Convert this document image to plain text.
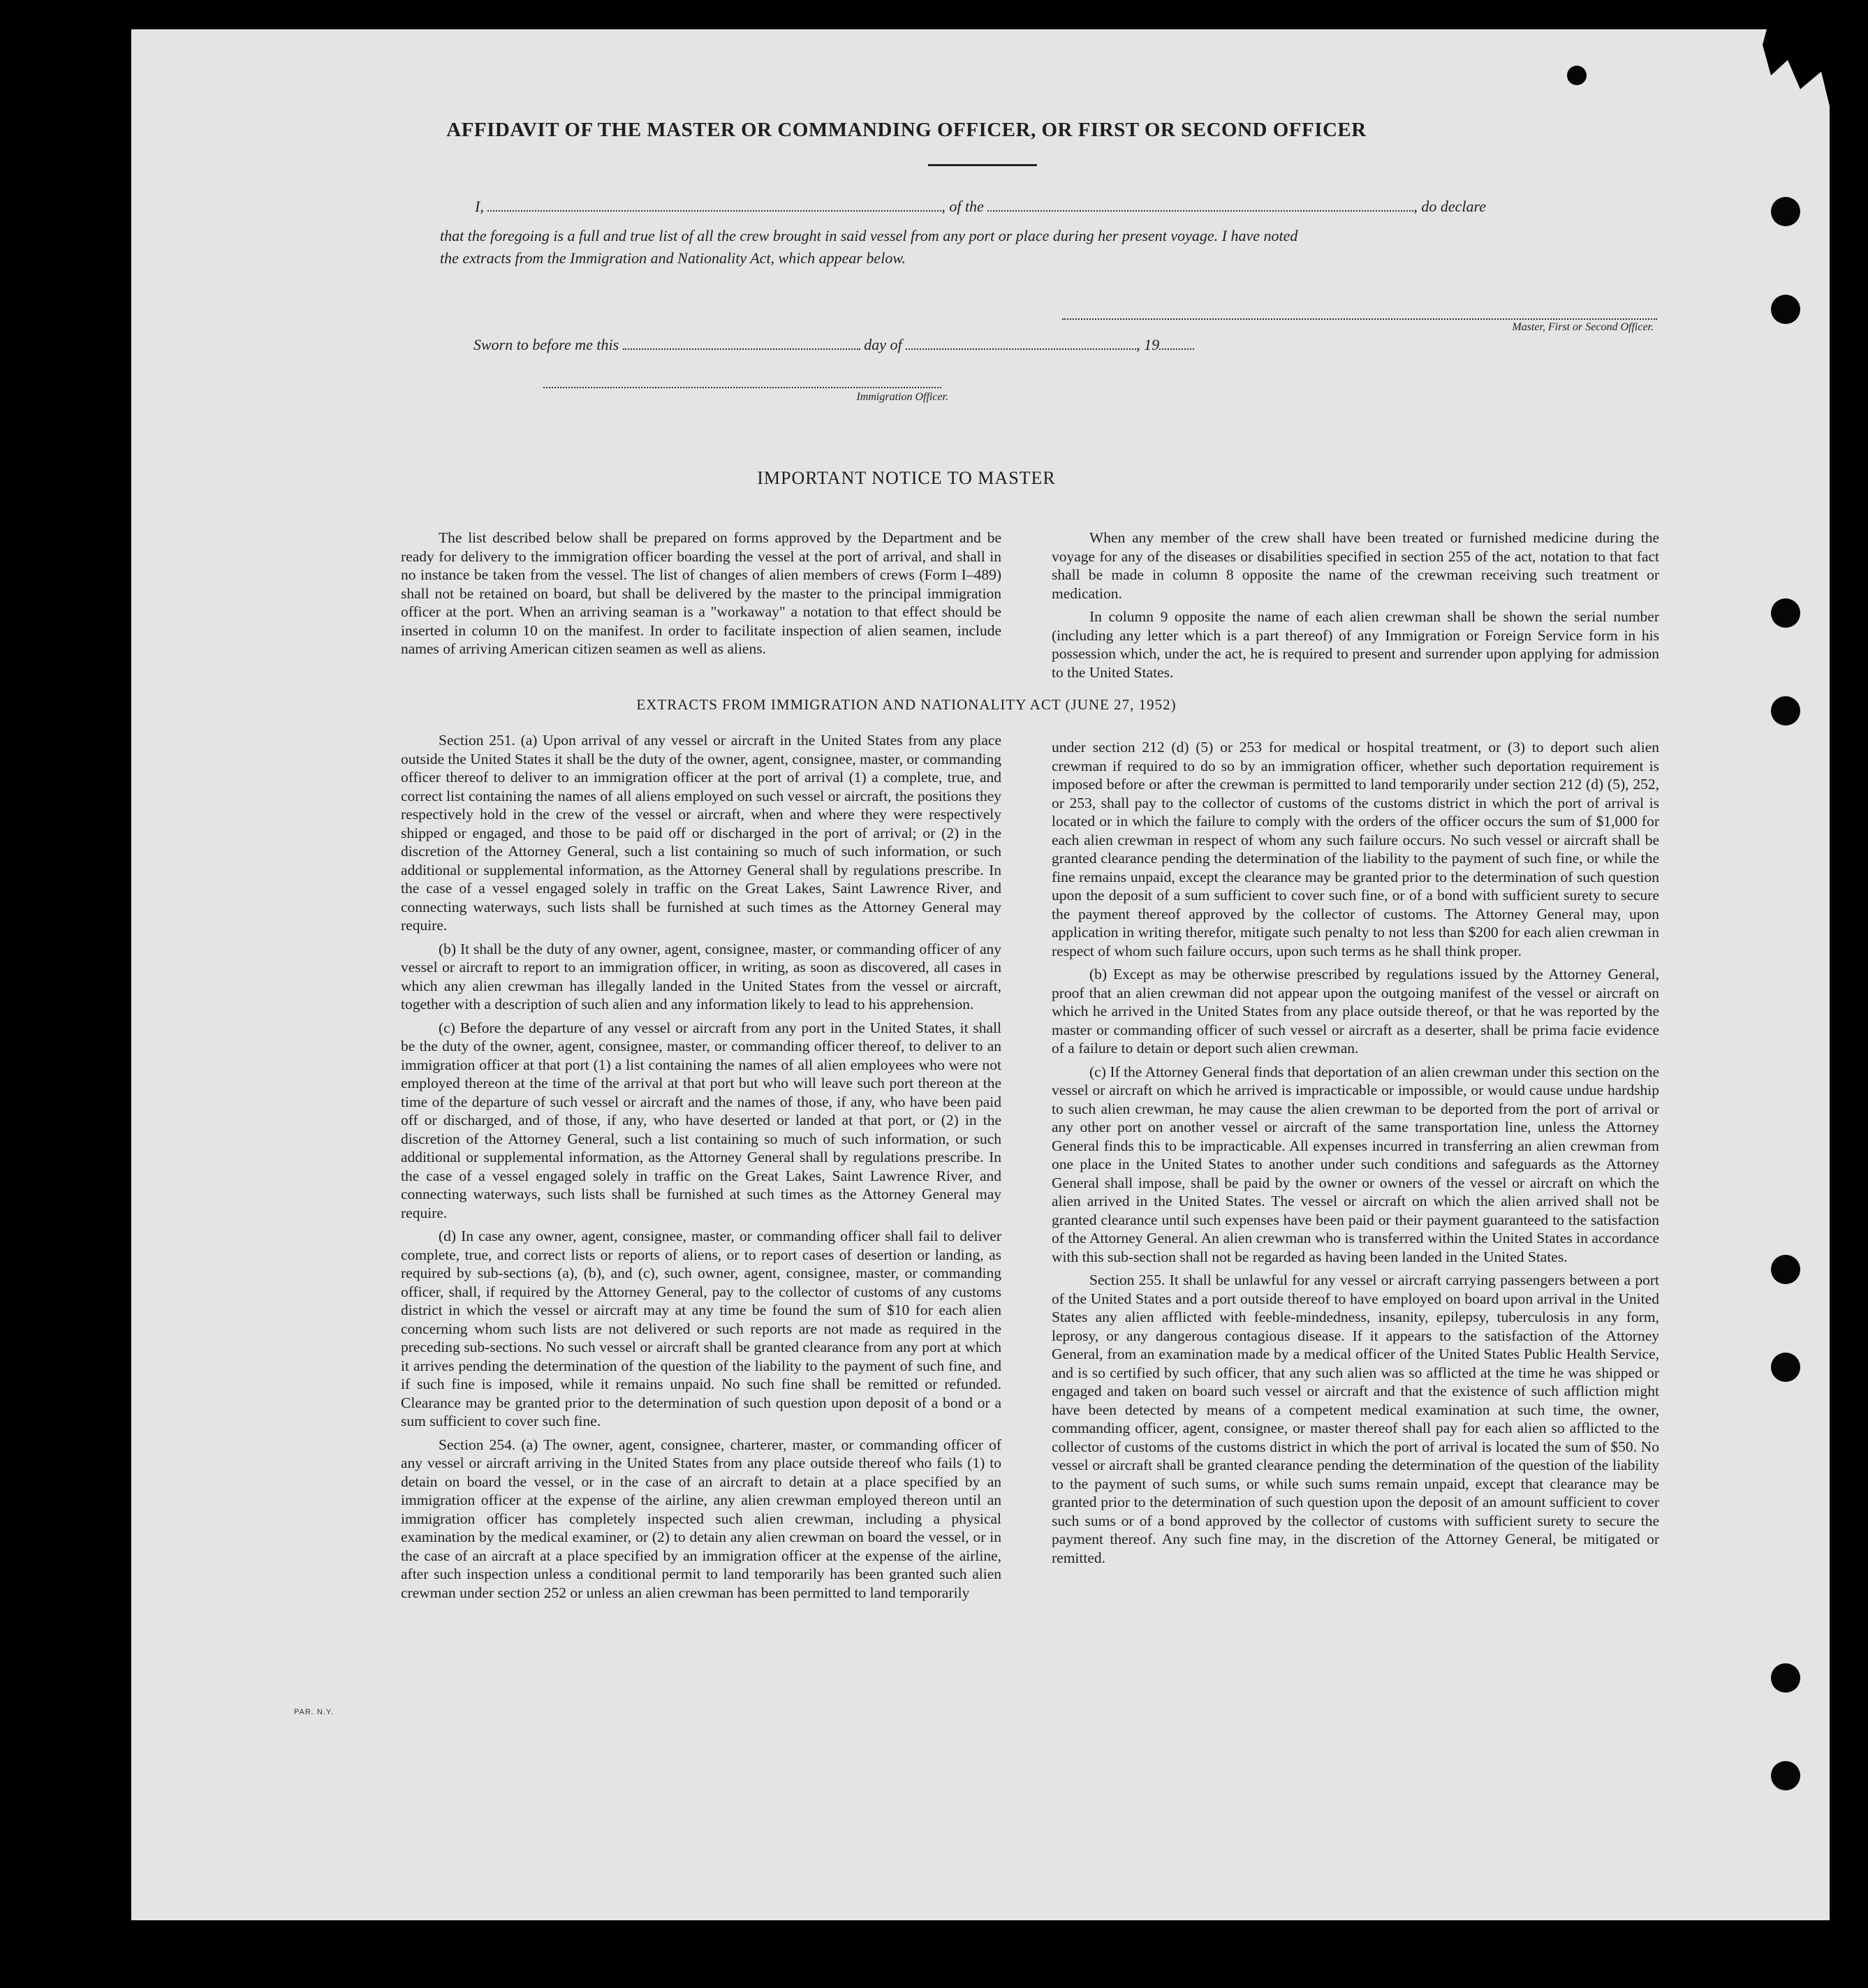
AFFIDAVIT OF THE MASTER OR COMMANDING OFFICER, OR FIRST OR SECOND OFFICER
I,	, of the	, do declare
that the foregoing is a full and true list of all the crew brought in said vessel from any port or place during her present voyage. I have noted
the extracts from the Immigration and Nationality Act, which appear below.
Master, First or Second Officer.
Sworn to before me this	day of	, 19
Immigration Officer.
IMPORTANT NOTICE TO MASTER

The list described below shall be prepared on forms approved by the Department and be ready for delivery to the immigration officer boarding the vessel at the port of arrival, and shall in no instance be taken from the vessel. The list of changes of alien members of crews (Form I–489) shall not be retained on board, but shall be delivered by the master to the principal immigration officer at the port. When an arriving seaman is a "workaway" a notation to that effect should be inserted in column 10 on the manifest. In order to facilitate inspection of alien seamen, include names of arriving American citizen seamen as well as aliens.

When any member of the crew shall have been treated or furnished medicine during the voyage for any of the diseases or disabilities specified in section 255 of the act, notation to that fact shall be made in column 8 opposite the name of the crewman receiving such treatment or medication.

In column 9 opposite the name of each alien crewman shall be shown the serial number (including any letter which is a part thereof) of any Immigration or Foreign Service form in his possession which, under the act, he is required to present and surrender upon applying for admission to the United States.

EXTRACTS FROM IMMIGRATION AND NATIONALITY ACT (JUNE 27, 1952)

Section 251. (a) Upon arrival of any vessel or aircraft in the United States from any place outside the United States it shall be the duty of the owner, agent, consignee, master, or commanding officer thereof to deliver to an immigration officer at the port of arrival (1) a complete, true, and correct list containing the names of all aliens employed on such vessel or aircraft, the positions they respectively hold in the crew of the vessel or aircraft, when and where they were respectively shipped or engaged, and those to be paid off or discharged in the port of arrival; or (2) in the discretion of the Attorney General, such a list containing so much of such information, or such additional or supplemental information, as the Attorney General shall by regulations prescribe. In the case of a vessel engaged solely in traffic on the Great Lakes, Saint Lawrence River, and connecting waterways, such lists shall be furnished at such times as the Attorney General may require.

(b) It shall be the duty of any owner, agent, consignee, master, or commanding officer of any vessel or aircraft to report to an immigration officer, in writing, as soon as discovered, all cases in which any alien crewman has illegally landed in the United States from the vessel or aircraft, together with a description of such alien and any information likely to lead to his apprehension.

(c) Before the departure of any vessel or aircraft from any port in the United States, it shall be the duty of the owner, agent, consignee, master, or commanding officer thereof, to deliver to an immigration officer at that port (1) a list containing the names of all alien employees who were not employed thereon at the time of the arrival at that port but who will leave such port thereon at the time of the departure of such vessel or aircraft and the names of those, if any, who have been paid off or discharged, and of those, if any, who have deserted or landed at that port, or (2) in the discretion of the Attorney General, such a list containing so much of such information, or such additional or supplemental information, as the Attorney General shall by regulations prescribe. In the case of a vessel engaged solely in traffic on the Great Lakes, Saint Lawrence River, and connecting waterways, such lists shall be furnished at such times as the Attorney General may require.

(d) In case any owner, agent, consignee, master, or commanding officer shall fail to deliver complete, true, and correct lists or reports of aliens, or to report cases of desertion or landing, as required by sub-sections (a), (b), and (c), such owner, agent, consignee, master, or commanding officer, shall, if required by the Attorney General, pay to the collector of customs of any customs district in which the vessel or aircraft may at any time be found the sum of $10 for each alien concerning whom such lists are not delivered or such reports are not made as required in the preceding sub-sections. No such vessel or aircraft shall be granted clearance from any port at which it arrives pending the determination of the question of the liability to the payment of such fine, and if such fine is imposed, while it remains unpaid. No such fine shall be remitted or refunded. Clearance may be granted prior to the determination of such question upon deposit of a bond or a sum sufficient to cover such fine.

Section 254. (a) The owner, agent, consignee, charterer, master, or commanding officer of any vessel or aircraft arriving in the United States from any place outside thereof who fails (1) to detain on board the vessel, or in the case of an aircraft to detain at a place specified by an immigration officer at the expense of the airline, any alien crewman employed thereon until an immigration officer has completely inspected such alien crewman, including a physical examination by the medical examiner, or (2) to detain any alien crewman on board the vessel, or in the case of an aircraft at a place specified by an immigration officer at the expense of the airline, after such inspection unless a conditional permit to land temporarily has been granted such alien crewman under section 252 or unless an alien crewman has been permitted to land temporarily

under section 212 (d) (5) or 253 for medical or hospital treatment, or (3) to deport such alien crewman if required to do so by an immigration officer, whether such deportation requirement is imposed before or after the crewman is permitted to land temporarily under section 212 (d) (5), 252, or 253, shall pay to the collector of customs of the customs district in which the port of arrival is located or in which the failure to comply with the orders of the officer occurs the sum of $1,000 for each alien crewman in respect of whom any such failure occurs. No such vessel or aircraft shall be granted clearance pending the determination of the liability to the payment of such fine, or while the fine remains unpaid, except the clearance may be granted prior to the determination of such question upon the deposit of a sum sufficient to cover such fine, or of a bond with sufficient surety to secure the payment thereof approved by the collector of customs. The Attorney General may, upon application in writing therefor, mitigate such penalty to not less than $200 for each alien crewman in respect of whom such failure occurs, upon such terms as he shall think proper.

(b) Except as may be otherwise prescribed by regulations issued by the Attorney General, proof that an alien crewman did not appear upon the outgoing manifest of the vessel or aircraft on which he arrived in the United States from any place outside thereof, or that he was reported by the master or commanding officer of such vessel or aircraft as a deserter, shall be prima facie evidence of a failure to detain or deport such alien crewman.

(c) If the Attorney General finds that deportation of an alien crewman under this section on the vessel or aircraft on which he arrived is impracticable or impossible, or would cause undue hardship to such alien crewman, he may cause the alien crewman to be deported from the port of arrival or any other port on another vessel or aircraft of the same transportation line, unless the Attorney General finds this to be impracticable. All expenses incurred in transferring an alien crewman from one place in the United States to another under such conditions and safeguards as the Attorney General shall impose, shall be paid by the owner or owners of the vessel or aircraft on which the alien arrived in the United States. The vessel or aircraft on which the alien arrived shall not be granted clearance until such expenses have been paid or their payment guaranteed to the satisfaction of the Attorney General. An alien crewman who is transferred within the United States in accordance with this sub-section shall not be regarded as having been landed in the United States.

Section 255. It shall be unlawful for any vessel or aircraft carrying passengers between a port of the United States and a port outside thereof to have employed on board upon arrival in the United States any alien afflicted with feeble-mindedness, insanity, epilepsy, tuberculosis in any form, leprosy, or any dangerous contagious disease. If it appears to the satisfaction of the Attorney General, from an examination made by a medical officer of the United States Public Health Service, and is so certified by such officer, that any such alien was so afflicted at the time he was shipped or engaged and taken on board such vessel or aircraft and that the existence of such affliction might have been detected by means of a competent medical examination at such time, the owner, commanding officer, agent, consignee, or master thereof shall pay for each alien so afflicted to the collector of customs of the customs district in which the port of arrival is located the sum of $50. No vessel or aircraft shall be granted clearance pending the determination of the question of the liability to the payment of such sums, or while such sums remain unpaid, except that clearance may be granted prior to the determination of such question upon the deposit of an amount sufficient to cover such sums or of a bond approved by the collector of customs with sufficient surety to secure the payment thereof. Any such fine may, in the discretion of the Attorney General, be mitigated or remitted.

PAR. N.Y.
